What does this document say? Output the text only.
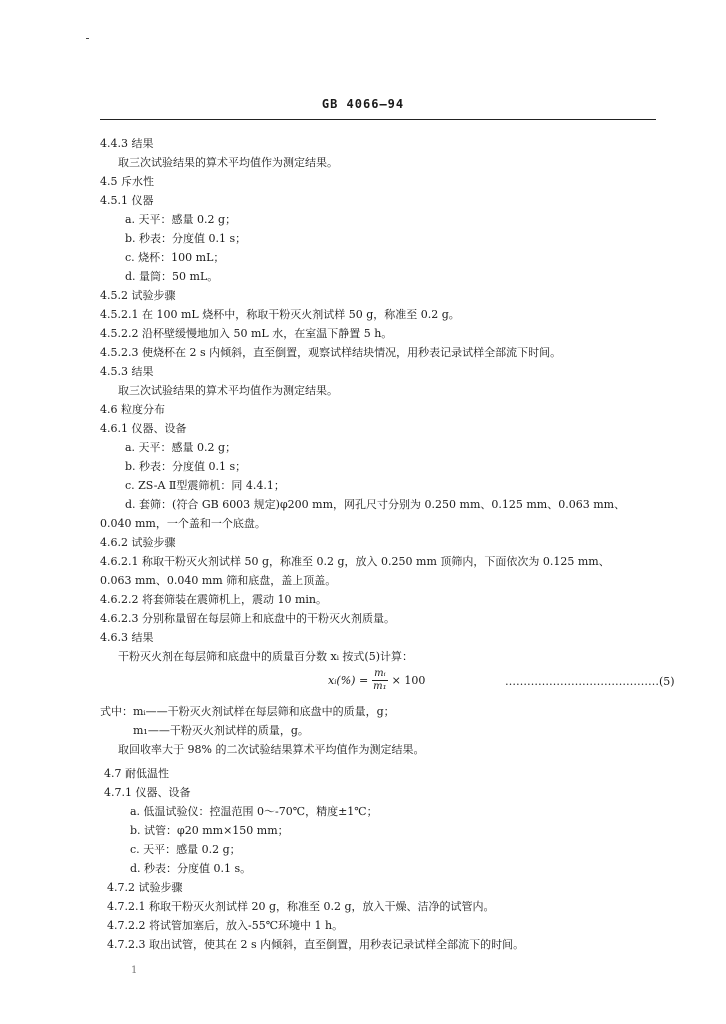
GB 4066—94
4.4.3 结果
取三次试验结果的算术平均值作为测定结果。
4.5 斥水性
4.5.1 仪器
a. 天平：感量 0.2 g；
b. 秒表：分度值 0.1 s；
c. 烧杯：100 mL；
d. 量筒：50 mL。
4.5.2 试验步骤
4.5.2.1 在 100 mL 烧杯中，称取干粉灭火剂试样 50 g，称准至 0.2 g。
4.5.2.2 沿杯壁缓慢地加入 50 mL 水，在室温下静置 5 h。
4.5.2.3 使烧杯在 2 s 内倾斜，直至倒置，观察试样结块情况，用秒表记录试样全部流下时间。
4.5.3 结果
取三次试验结果的算术平均值作为测定结果。
4.6 粒度分布
4.6.1 仪器、设备
a. 天平：感量 0.2 g；
b. 秒表：分度值 0.1 s；
c. ZS-A Ⅱ型震筛机：同 4.4.1；
d. 套筛：(符合 GB 6003 规定)φ200 mm，网孔尺寸分别为 0.250 mm、0.125 mm、0.063 mm、
0.040 mm，一个盖和一个底盘。
4.6.2 试验步骤
4.6.2.1 称取干粉灭火剂试样 50 g，称准至 0.2 g，放入 0.250 mm 顶筛内，下面依次为 0.125 mm、
0.063 mm、0.040 mm 筛和底盘，盖上顶盖。
4.6.2.2 将套筛装在震筛机上，震动 10 min。
4.6.2.3 分别称量留在每层筛上和底盘中的干粉灭火剂质量。
4.6.3 结果
干粉灭火剂在每层筛和底盘中的质量百分数 xᵢ 按式(5)计算：
xᵢ(%) = $\frac{\text{mᵢ}}{\text{m₁}} \times 100$	……………………………………(5)
式中：mᵢ——干粉灭火剂试样在每层筛和底盘中的质量，g；
m₁——干粉灭火剂试样的质量，g。
取回收率大于 98% 的二次试验结果算术平均值作为测定结果。
4.7 耐低温性
4.7.1 仪器、设备
a. 低温试验仪：控温范围 0～-70℃，精度±1℃；
b. 试管：φ20 mm×150 mm；
c. 天平：感量 0.2 g；
d. 秒表：分度值 0.1 s。
4.7.2 试验步骤
4.7.2.1 称取干粉灭火剂试样 20 g，称准至 0.2 g，放入干燥、洁净的试管内。
4.7.2.2 将试管加塞后，放入-55℃环境中 1 h。
4.7.2.3 取出试管，使其在 2 s 内倾斜，直至倒置，用秒表记录试样全部流下的时间。
1
